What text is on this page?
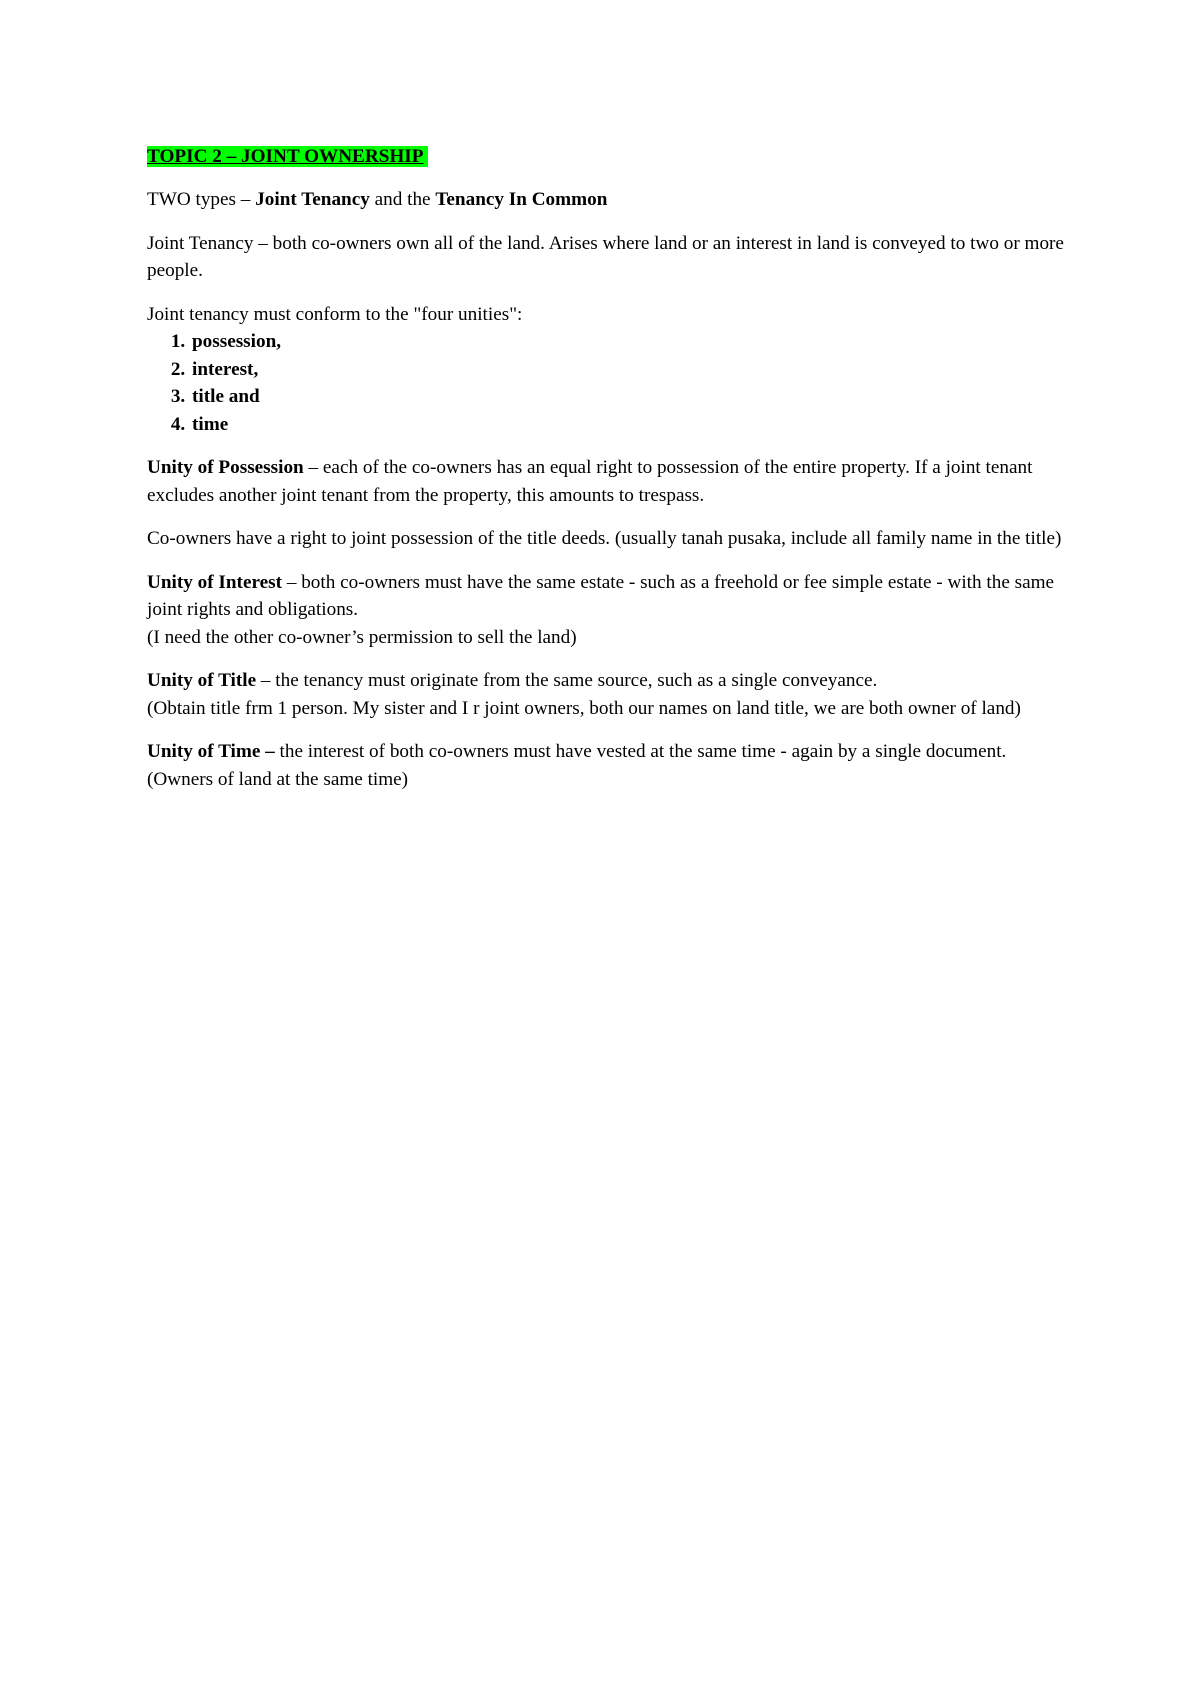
TOPIC 2 – JOINT OWNERSHIP

TWO types – Joint Tenancy and the Tenancy In Common

Joint Tenancy – both co-owners own all of the land. Arises where land or an interest in land is conveyed to two or more people.

Joint tenancy must conform to the "four unities":

1. possession,
2. interest,
3. title and
4. time

Unity of Possession – each of the co-owners has an equal right to possession of the entire property. If a joint tenant excludes another joint tenant from the property, this amounts to trespass.

Co-owners have a right to joint possession of the title deeds. (usually tanah pusaka, include all family name in the title)

Unity of Interest – both co-owners must have the same estate - such as a freehold or fee simple estate - with the same joint rights and obligations.
(I need the other co-owner’s permission to sell the land)

Unity of Title – the tenancy must originate from the same source, such as a single conveyance.
(Obtain title frm 1 person. My sister and I r joint owners, both our names on land title, we are both owner of land)

Unity of Time – the interest of both co-owners must have vested at the same time - again by a single document.
(Owners of land at the same time)
